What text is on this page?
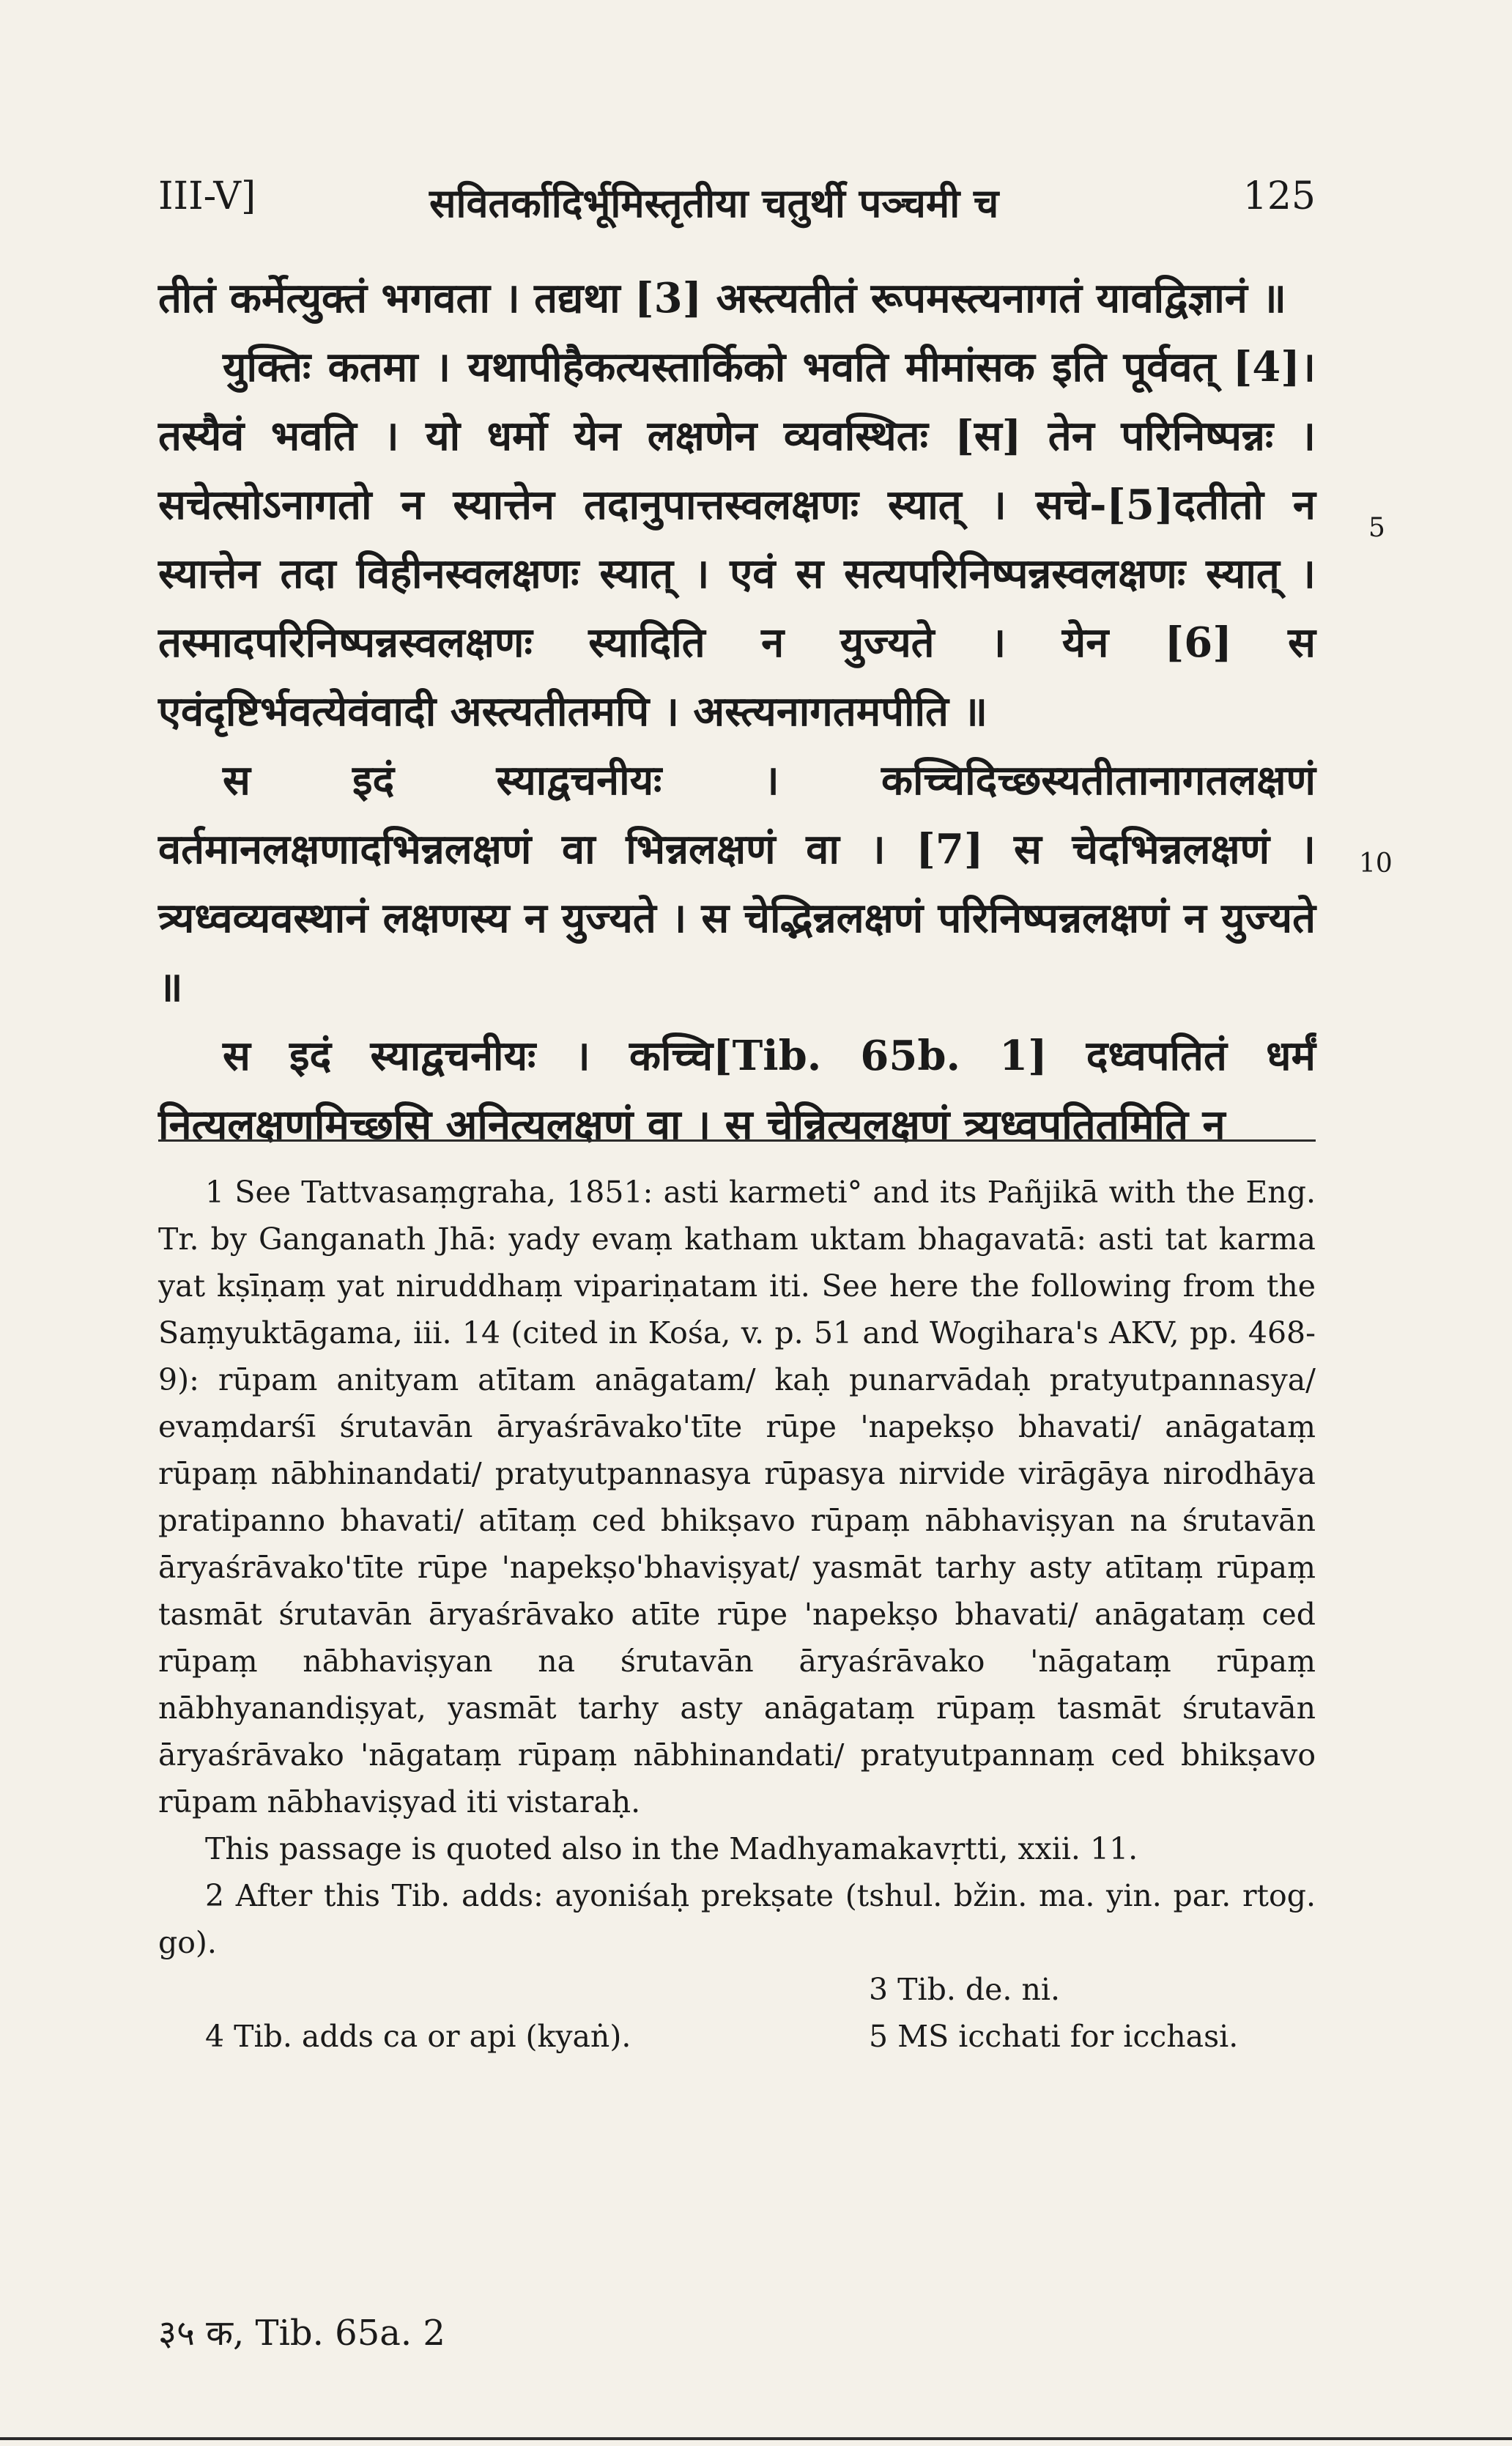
III-V]	सवितर्कादिर्भूमिस्तृतीया चतुर्थी पञ्चमी च	125

तीतं कर्मेत्युक्तं भगवता । तद्यथा [3] अस्त्यतीतं रूपमस्त्यनागतं यावद्विज्ञानं ॥

युक्तिः कतमा । यथापीहैकत्यस्तार्किको भवति मीमांसक इति पूर्ववत् [4]। तस्यैवं भवति । यो धर्मो येन लक्षणेन व्यवस्थितः [स] तेन परिनिष्पन्नः । सचेत्सोऽनागतो न स्यात्तेन तदानुपात्तस्वलक्षणः स्यात् । सचे-[5]दतीतो न स्यात्तेन तदा विहीनस्वलक्षणः स्यात् । एवं स सत्यपरिनिष्पन्नस्वलक्षणः स्यात् । तस्मादपरिनिष्पन्नस्वलक्षणः स्यादिति न युज्यते । येन [6] स एवंदृष्टिर्भवत्येवंवादी अस्त्यतीतमपि । अस्त्यनागतमपीति ॥

स इदं स्याद्वचनीयः । कच्चिदिच्छस्यतीतानागतलक्षणं वर्तमानलक्षणादभिन्नलक्षणं वा भिन्नलक्षणं वा । [7] स चेदभिन्नलक्षणं । त्र्यध्वव्यवस्थानं लक्षणस्य न युज्यते । स चेद्भिन्नलक्षणं परिनिष्पन्नलक्षणं न युज्यते ॥

स इदं स्याद्वचनीयः । कच्चि[Tib. 65b. 1] दध्वपतितं धर्मं नित्यलक्षणमिच्छसि अनित्यलक्षणं वा । स चेन्नित्यलक्षणं त्र्यध्वपतितमिति न

5
10

1 See Tattvasaṃgraha, 1851: asti karmeti° and its Pañjikā with the Eng. Tr. by Ganganath Jhā: yady evaṃ katham uktam bhagavatā: asti tat karma yat kṣīṇaṃ yat niruddhaṃ vipariṇatam iti. See here the following from the Saṃyuktāgama, iii. 14 (cited in Kośa, v. p. 51 and Wogihara's AKV, pp. 468-9): rūpam anityam atītam anāgatam/ kaḥ punarvādaḥ pratyutpannasya/ evaṃdarśī śrutavān āryaśrāvako'tīte rūpe 'napekṣo bhavati/ anāgataṃ rūpaṃ nābhinandati/ pratyutpannasya rūpasya nirvide virāgāya nirodhāya pratipanno bhavati/ atītaṃ ced bhikṣavo rūpaṃ nābhaviṣyan na śrutavān āryaśrāvako'tīte rūpe 'napekṣo'bhaviṣyat/ yasmāt tarhy asty atītaṃ rūpaṃ tasmāt śrutavān āryaśrāvako atīte rūpe 'napekṣo bhavati/ anāgataṃ ced rūpaṃ nābhaviṣyan na śrutavān āryaśrāvako 'nāgataṃ rūpaṃ nābhyanandiṣyat, yasmāt tarhy asty anāgataṃ rūpaṃ tasmāt śrutavān āryaśrāvako 'nāgataṃ rūpaṃ nābhinandati/ pratyutpannaṃ ced bhikṣavo rūpam nābhaviṣyad iti vistaraḥ.

This passage is quoted also in the Madhyamakavṛtti, xxii. 11.

2 After this Tib. adds: ayoniśaḥ prekṣate (tshul. bžin. ma. yin. par. rtog. go).

3 Tib. de. ni.
4 Tib. adds ca or api (kyaṅ).	5 MS icchati for icchasi.
३५ क, Tib. 65a. 2
